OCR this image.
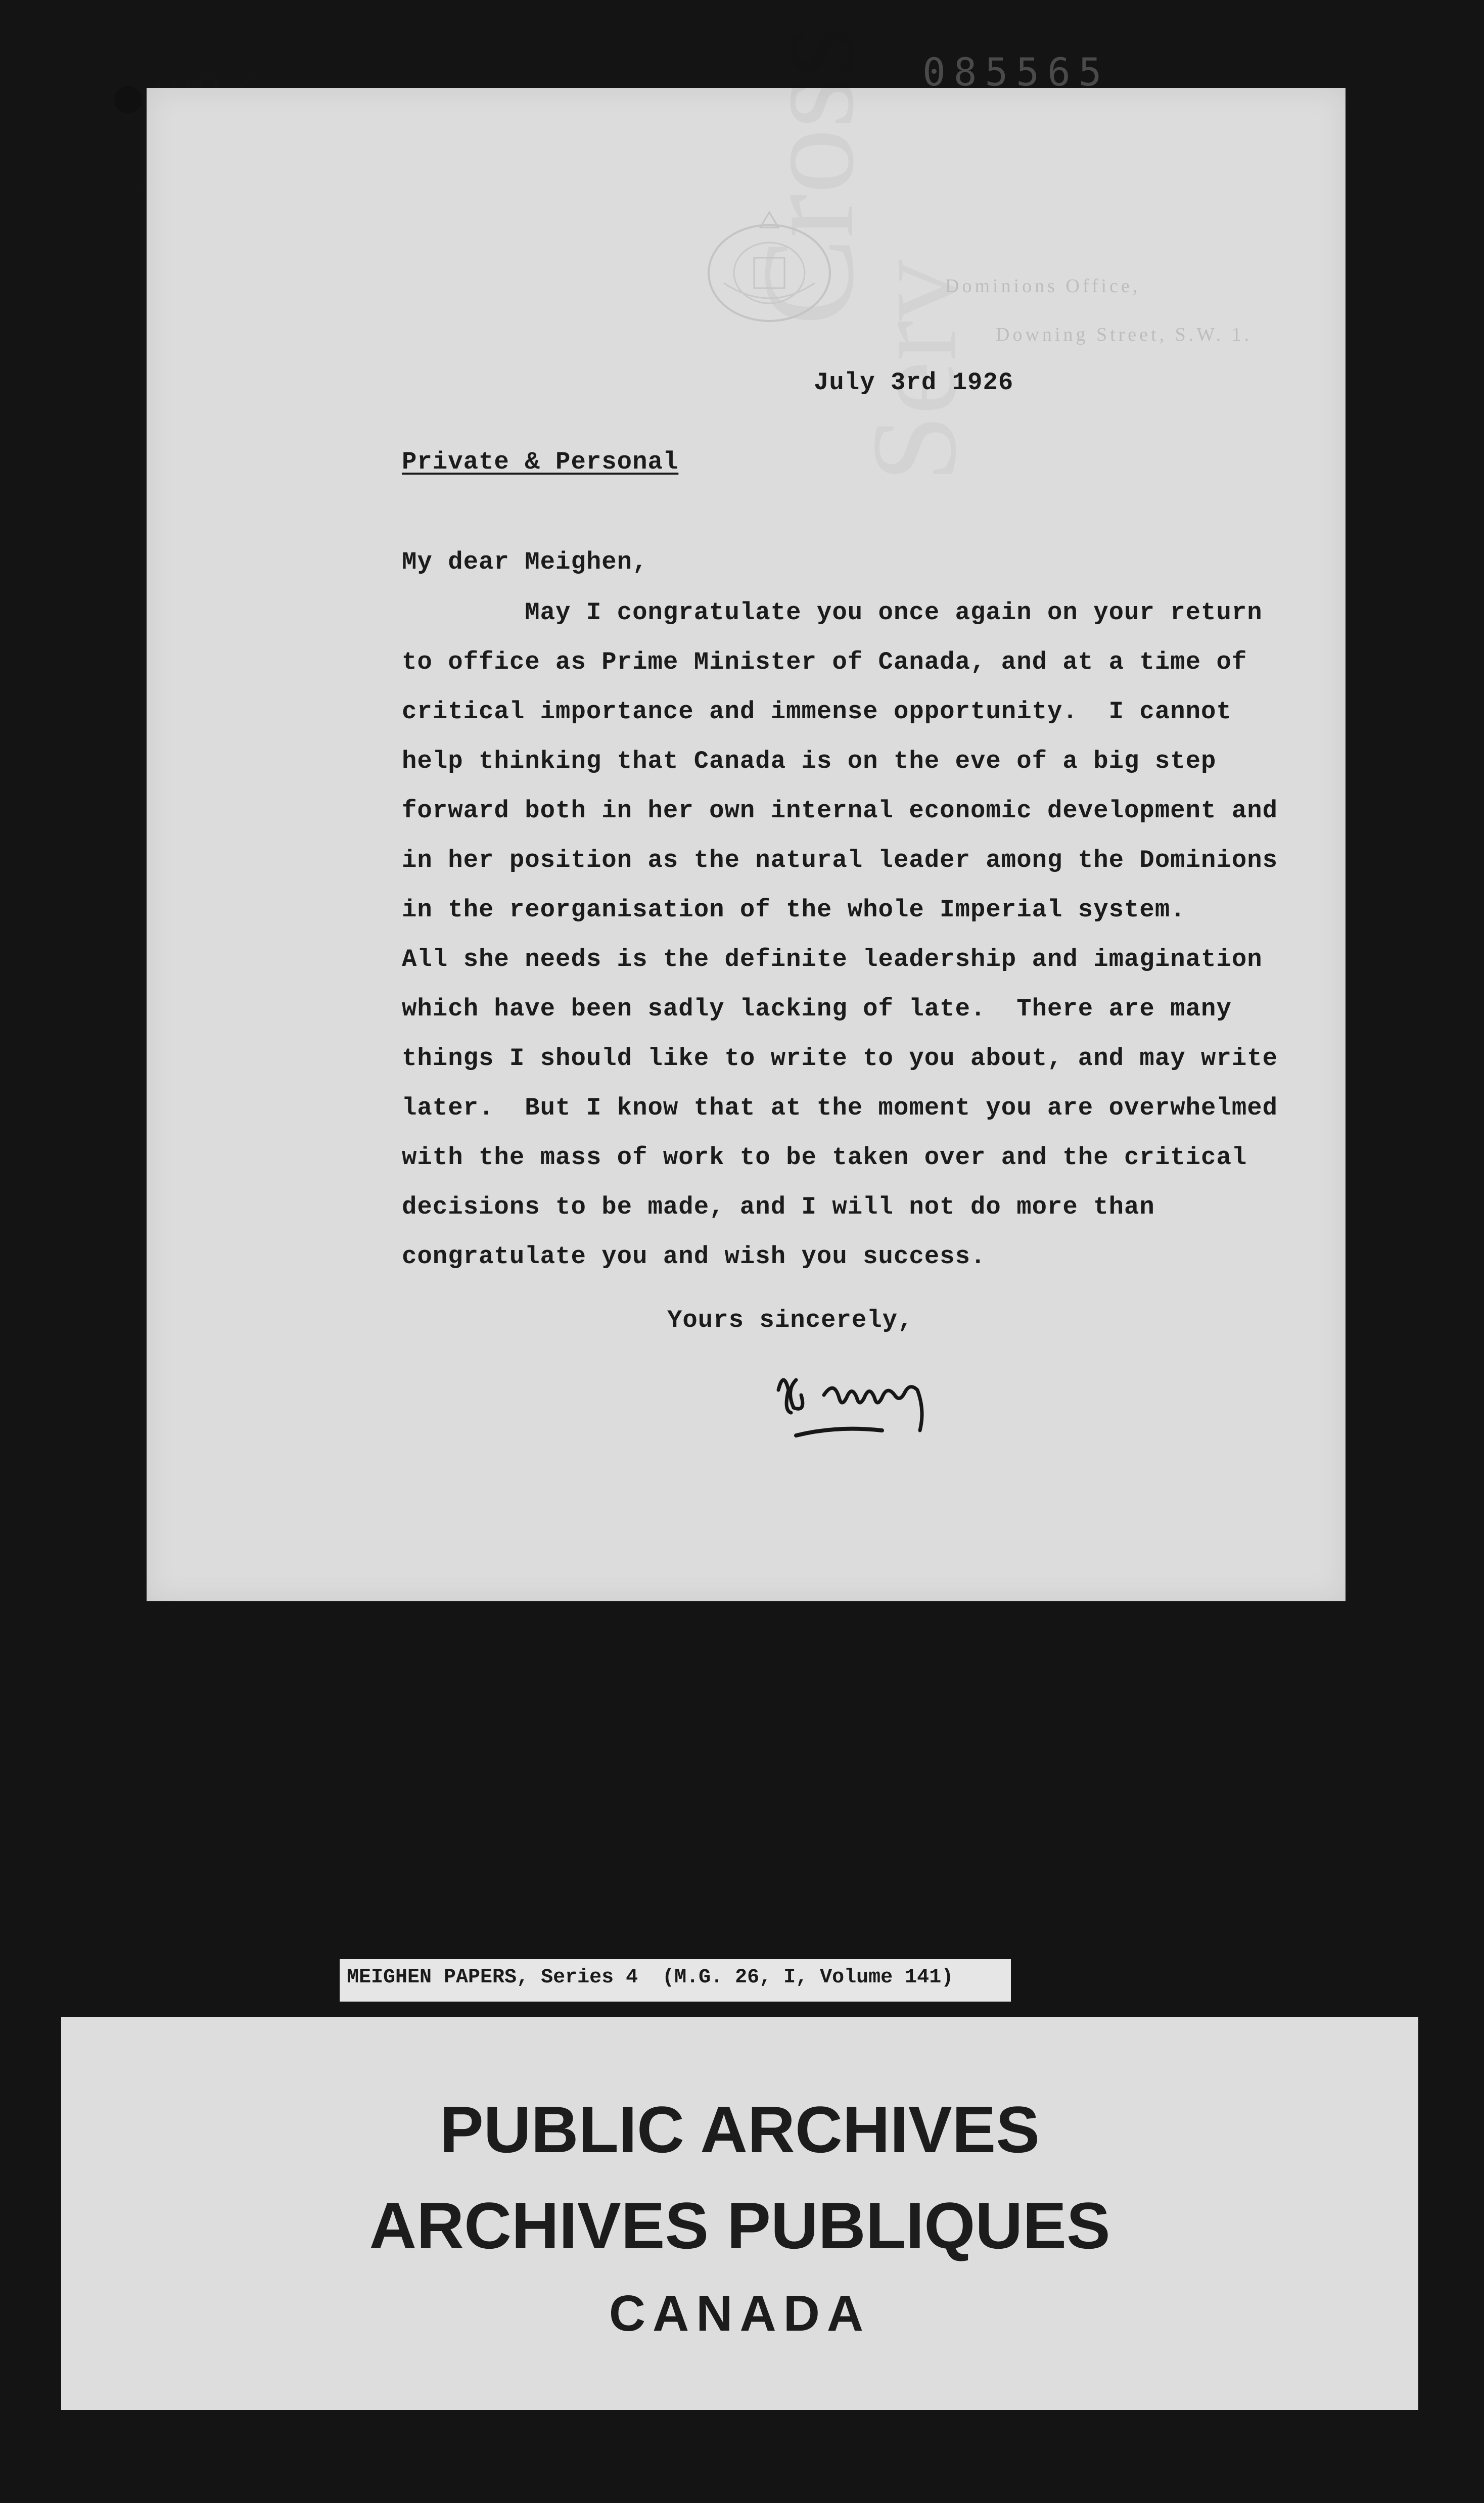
Dominions Office,
Downing Street, S.W. 1.
July 3rd 1926
Private & Personal
My dear Meighen,
May I congratulate you once again on your return
to office as Prime Minister of Canada, and at a time of
critical importance and immense opportunity.  I cannot
help thinking that Canada is on the eve of a big step
forward both in her own internal economic development and
in her position as the natural leader among the Dominions
in the reorganisation of the whole Imperial system.
All she needs is the definite leadership and imagination
which have been sadly lacking of late.  There are many
things I should like to write to you about, and may write
later.  But I know that at the moment you are overwhelmed
with the mass of work to be taken over and the critical
decisions to be made, and I will not do more than
congratulate you and wish you success.
Yours sincerely,
085565
MEIGHEN PAPERS, Series 4  (M.G. 26, I, Volume 141)
PUBLIC ARCHIVES
ARCHIVES PUBLIQUES
CANADA
